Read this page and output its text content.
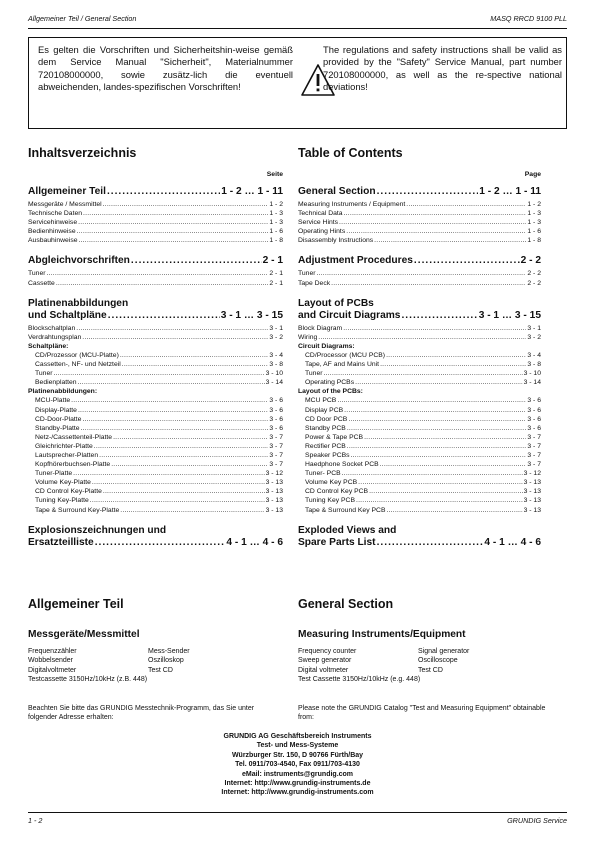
Allgemeiner Teil / General Section	MASQ RRCD 9100 PLL
Es gelten die Vorschriften und Sicherheitshin-weise gemäß dem Service Manual "Sicherheit", Materialnummer 720108000000, sowie zusätz-lich die eventuell abweichenden, landes-spezifischen Vorschriften!
The regulations and safety instructions shall be valid as provided by the "Safety" Service Manual, part number 720108000000, as well as the re-spective national deviations!
Inhaltsverzeichnis
Seite
Allgemeiner Teil .....	1 - 2 … 1 - 11
Messgeräte / Messmittel .....	1 - 2
Technische Daten .....	1 - 3
Servicehinweise .....	1 - 3
Bedienhinweise .....	1 - 6
Ausbauhinweise .....	1 - 8
Abgleichvorschriften .....	2 - 1
Tuner .....	2 - 1
Cassette .....	2 - 1
Platinenabbildungen
und Schaltpläne .....	3 - 1 … 3 - 15
Blockschaltplan .....	3 - 1
Verdrahtungsplan .....	3 - 2
Schaltpläne:
CD/Prozessor (MCU-Platte) .....	3 - 4
Cassetten-, NF- und Netzteil .....	3 - 8
Tuner .....	3 - 10
Bedienplatten .....	3 - 14
Platinenabbildungen:
MCU-Platte .....	3 - 6
Display-Platte .....	3 - 6
CD-Door-Platte .....	3 - 6
Standby-Platte .....	3 - 6
Netz-/Cassettenteil-Platte .....	3 - 7
Gleichrichter-Platte .....	3 - 7
Lautsprecher-Platten .....	3 - 7
Kopfhörerbuchsen-Platte .....	3 - 7
Tuner-Platte .....	3 - 12
Volume Key-Platte .....	3 - 13
CD Control Key-Platte .....	3 - 13
Tuning Key-Platte .....	3 - 13
Tape & Surround Key-Platte .....	3 - 13
Explosionszeichnungen und
Ersatzteilliste .....	4 - 1 … 4 - 6
Table of Contents
Page
General Section .....	1 - 2 … 1 - 11
Measuring Instruments / Equipment .....	1 - 2
Technical Data .....	1 - 3
Service Hints .....	1 - 3
Operating Hints .....	1 - 6
Disassembly Instructions .....	1 - 8
Adjustment Procedures .....	2 - 2
Tuner .....	2 - 2
Tape Deck .....	2 - 2
Layout of PCBs
and Circuit Diagrams .....	3 - 1 … 3 - 15
Block Diagram .....	3 - 1
Wiring .....	3 - 2
Circuit Diagrams:
CD/Processor (MCU PCB) .....	3 - 4
Tape, AF and Mains Unit .....	3 - 8
Tuner .....	3 - 10
Operating PCBs .....	3 - 14
Layout of the PCBs:
MCU PCB .....	3 - 6
Display PCB .....	3 - 6
CD Door PCB .....	3 - 6
Standby PCB .....	3 - 6
Power & Tape PCB .....	3 - 7
Rectifier PCB .....	3 - 7
Speaker PCBs .....	3 - 7
Haedphone Socket PCB .....	3 - 7
Tuner- PCB .....	3 - 12
Volume Key PCB .....	3 - 13
CD Control Key PCB .....	3 - 13
Tuning Key PCB .....	3 - 13
Tape & Surround Key PCB .....	3 - 13
Exploded Views and
Spare Parts List .....	4 - 1 … 4 - 6
Allgemeiner Teil	General Section
Messgeräte/Messmittel	Measuring Instruments/Equipment
Frequenzzähler	Mess-Sender
Wobbelsender	Oszilloskop
Digitalvoltmeter	Test CD
Testcassette 3150Hz/10kHz (z.B. 448)
Frequency counter	Signal generator
Sweep generator	Oscilloscope
Digital voltmeter	Test CD
Test Cassette 3150Hz/10kHz (e.g. 448)
Beachten Sie bitte das GRUNDIG Messtechnik-Programm, das Sie unter folgender Adresse erhalten:
Please note the GRUNDIG Catalog "Test and Measuring Equipment" obtainable from:
GRUNDIG AG Geschäftsbereich Instruments
Test- und Mess-Systeme
Würzburger Str. 150, D 90766 Fürth/Bay
Tel. 0911/703-4540, Fax 0911/703-4130
eMail: instruments@grundig.com
Internet: http://www.grundig-instruments.de
Internet: http://www.grundig-instruments.com
1 - 2	GRUNDIG Service
